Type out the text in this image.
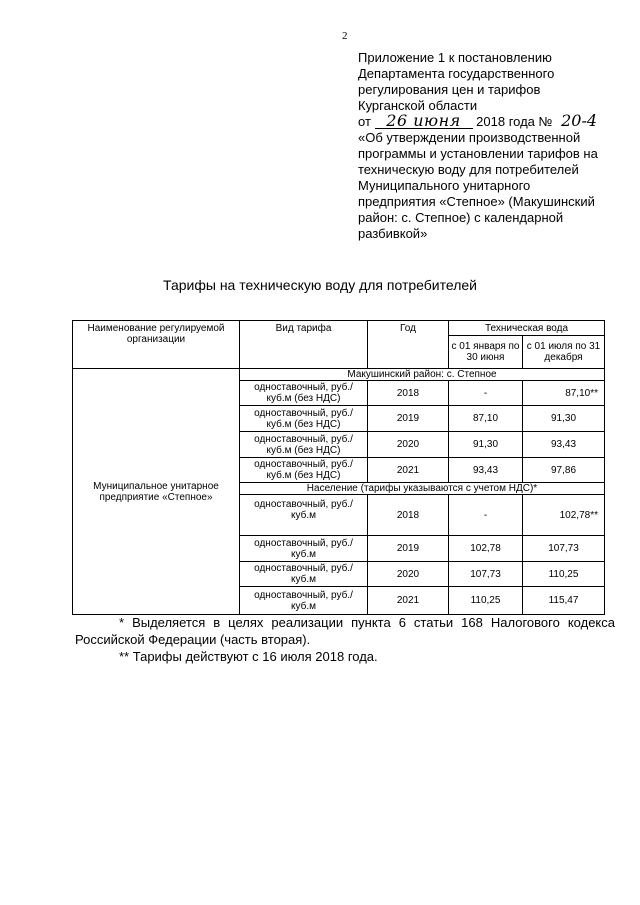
2
Приложение 1 к постановлению
Департамента государственного
регулирования цен и тарифов
Курганской области
от 26 июня 2018 года № 20-4
«Об утверждении производственной
программы и установлении тарифов на
техническую воду для потребителей
Муниципального унитарного
предприятия «Степное» (Макушинский
район: с. Степное) с календарной
разбивкой»
Тарифы на техническую воду для потребителей
Наименование регулируемой организации	Вид тарифа	Год	Техническая вода	
			с 01 января по 30 июня	с 01 июля по 31 декабря
Муниципальное унитарное предприятие «Степное»	Макушинский район: с. Степное			
	одноставочный, руб./куб.м (без НДС)	2018	-	87,10**
	одноставочный, руб./куб.м (без НДС)	2019	87,10	91,30
	одноставочный, руб./куб.м (без НДС)	2020	91,30	93,43
	одноставочный, руб./куб.м (без НДС)	2021	93,43	97,86
	Население (тарифы указываются с учетом НДС)*			
	одноставочный, руб./куб.м	2018	-	102,78**
	одноставочный, руб./куб.м	2019	102,78	107,73
	одноставочный, руб./куб.м	2020	107,73	110,25
	одноставочный, руб./куб.м	2021	110,25	115,47
* Выделяется в целях реализации пункта 6 статьи 168 Налогового кодекса Российской Федерации (часть вторая).
** Тарифы действуют с 16 июля 2018 года.
